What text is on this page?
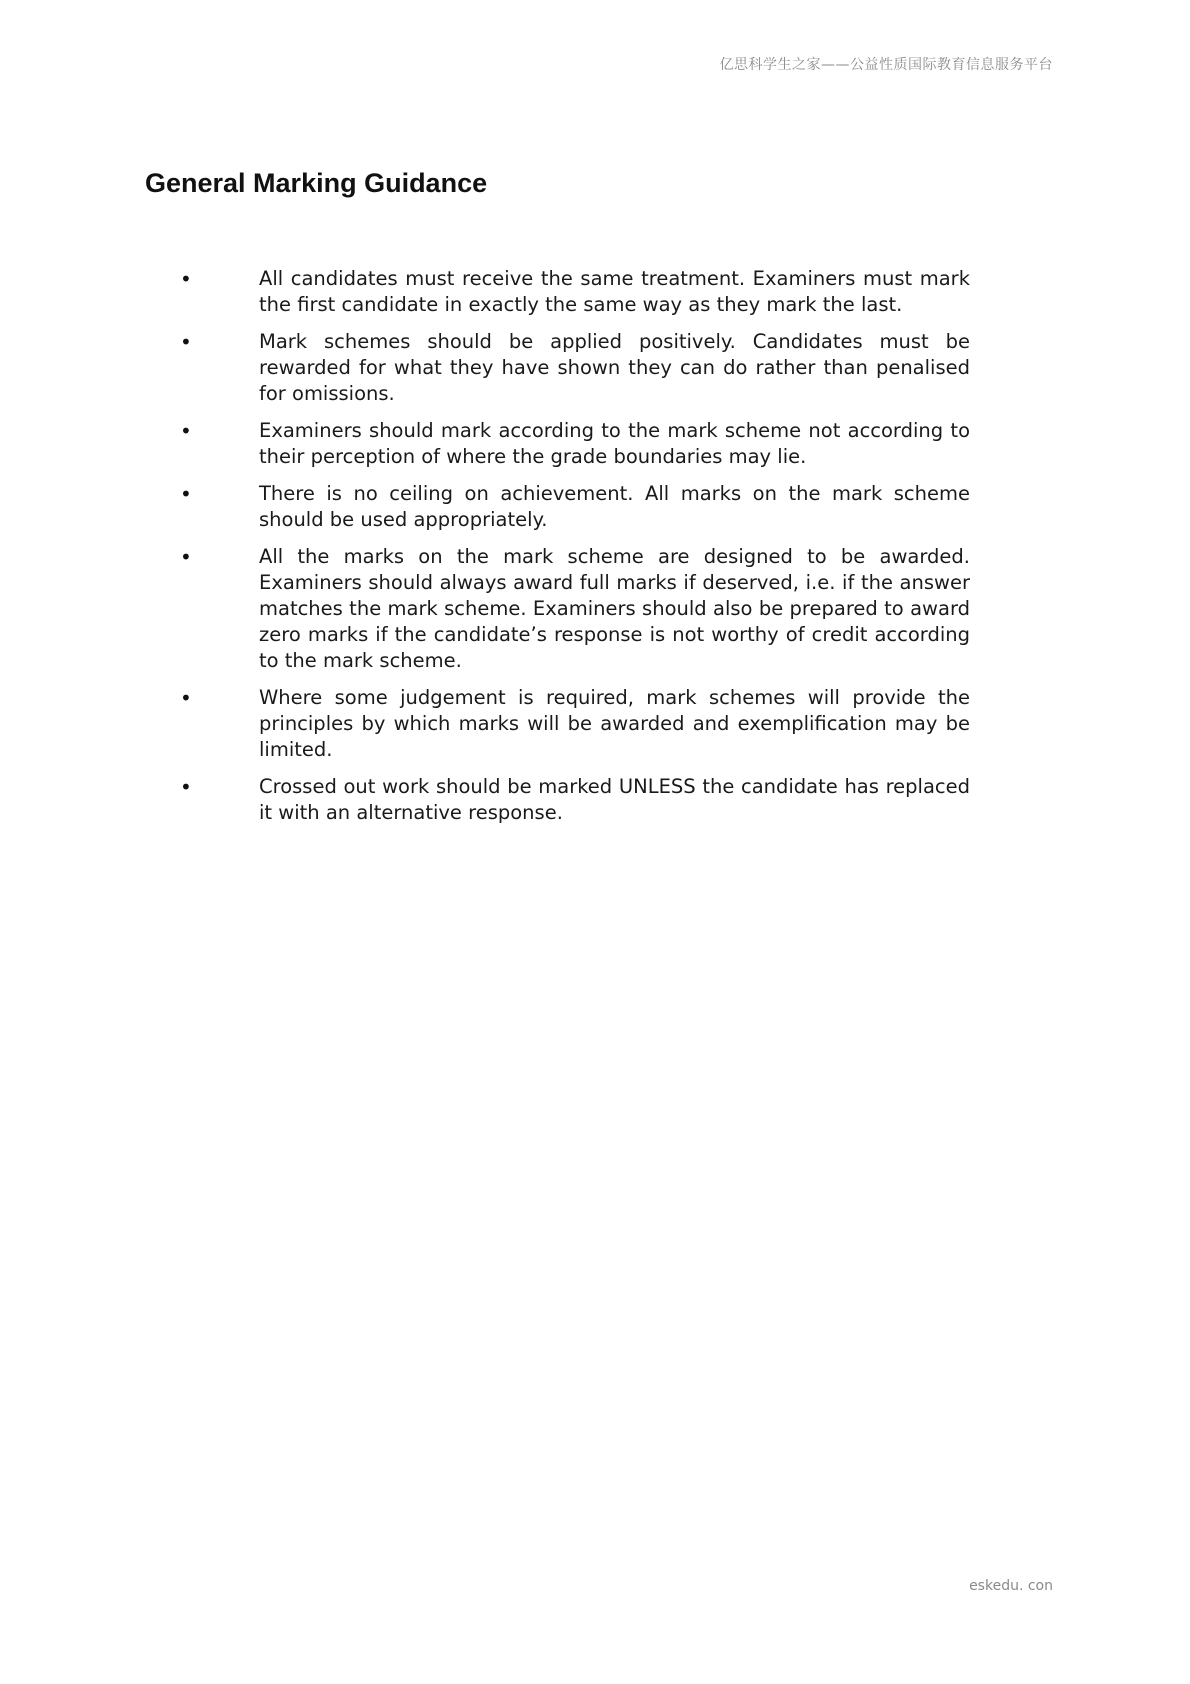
亿思科学生之家——公益性质国际教育信息服务平台
General Marking Guidance
•	All candidates must receive the same treatment. Examiners must mark the first candidate in exactly the same way as they mark the last.
•	Mark schemes should be applied positively. Candidates must be rewarded for what they have shown they can do rather than penalised for omissions.
•	Examiners should mark according to the mark scheme not according to their perception of where the grade boundaries may lie.
•	There is no ceiling on achievement. All marks on the mark scheme should be used appropriately.
•	All the marks on the mark scheme are designed to be awarded. Examiners should always award full marks if deserved, i.e. if the answer matches the mark scheme. Examiners should also be prepared to award zero marks if the candidate’s response is not worthy of credit according to the mark scheme.
•	Where some judgement is required, mark schemes will provide the principles by which marks will be awarded and exemplification may be limited.
•	Crossed out work should be marked UNLESS the candidate has replaced it with an alternative response.
eskedu. con
